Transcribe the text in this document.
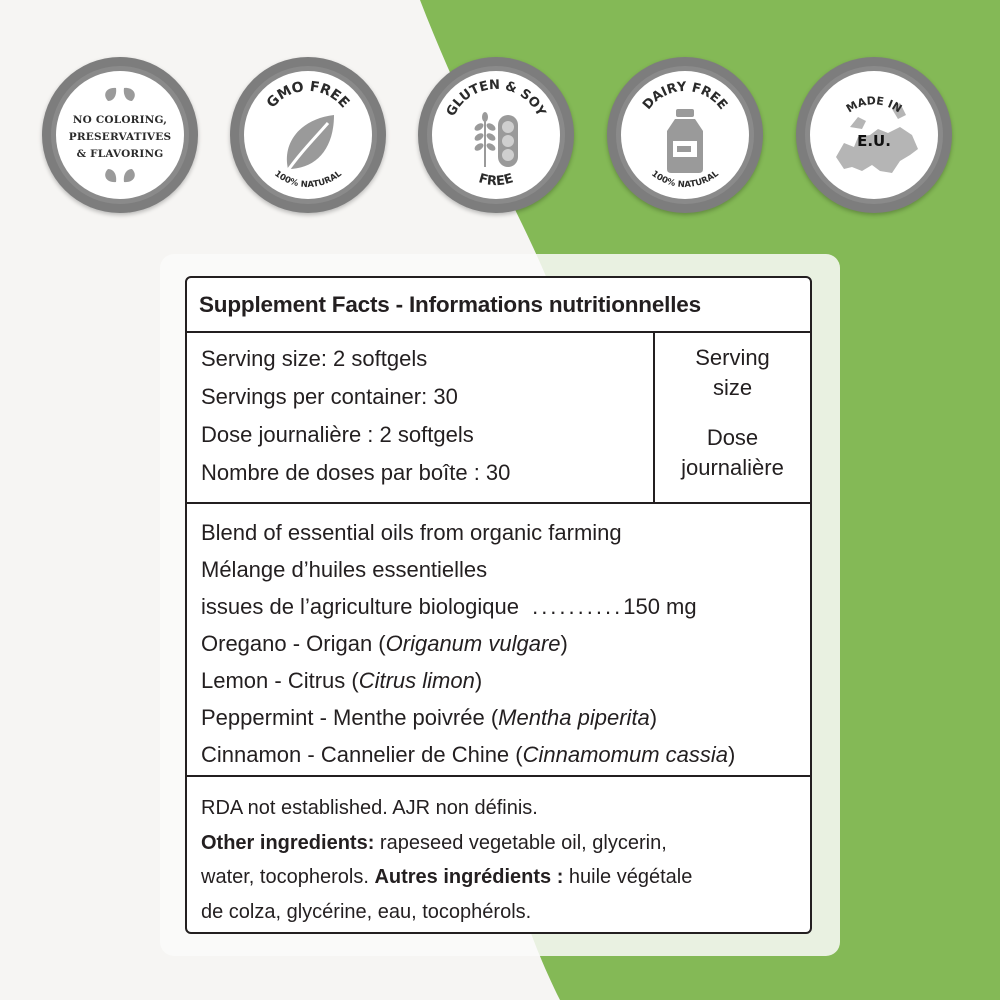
NO COLORING,
PRESERVATIVES
& FLAVORING
GMO FREE
100% NATURAL
GLUTEN & SOY
FREE
DAIRY FREE
100% NATURAL
MADE IN
E.U.
Supplement Facts - Informations nutritionnelles
Serving size: 2 softgels
Servings per container: 30
Dose journalière : 2 softgels
Nombre de doses par boîte : 30
Serving
size
Dose
journalière
Blend of essential oils from organic farming
Mélange d’huiles essentielles
issues de l’agriculture biologique ..........150 mg
Oregano - Origan (Origanum vulgare)
Lemon - Citrus (Citrus limon)
Peppermint - Menthe poivrée (Mentha piperita)
Cinnamon - Cannelier de Chine (Cinnamomum cassia)
RDA not established. AJR non définis.
Other ingredients: rapeseed vegetable oil, glycerin,
water, tocopherols. Autres ingrédients : huile végétale
de colza, glycérine, eau, tocophérols.
